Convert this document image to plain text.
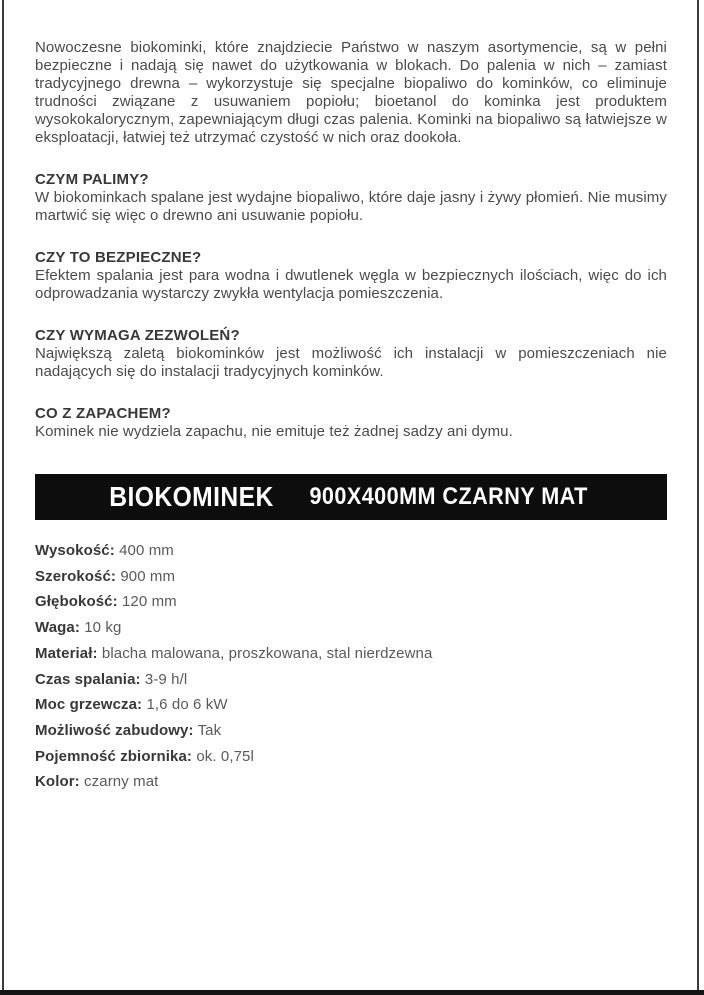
Nowoczesne biokominki, które znajdziecie Państwo w naszym asortymencie, są w pełni bezpieczne i nadają się nawet do użytkowania w blokach. Do palenia w nich – zamiast tradycyjnego drewna – wykorzystuje się specjalne biopaliwo do kominków, co eliminuje trudności związane z usuwaniem popiołu; bioetanol do kominka jest produktem wysokokalorycznym, zapewniającym długi czas palenia. Kominki na biopaliwo są łatwiejsze w eksploatacji, łatwiej też utrzymać czystość w nich oraz dookoła.

CZYM PALIMY?

W biokominkach spalane jest wydajne biopaliwo, które daje jasny i żywy płomień. Nie musimy martwić się więc o drewno ani usuwanie popiołu.

CZY TO BEZPIECZNE?

Efektem spalania jest para wodna i dwutlenek węgla w bezpiecznych ilościach, więc do ich odprowadzania wystarczy zwykła wentylacja pomieszczenia.

CZY WYMAGA ZEZWOLEŃ?

Największą zaletą biokominków jest możliwość ich instalacji w pomieszczeniach nie nadających się do instalacji tradycyjnych kominków.

CO Z ZAPACHEM?

Kominek nie wydziela zapachu, nie emituje też żadnej sadzy ani dymu.

BIOKOMINEK 900X400MM CZARNY MAT
Wysokość: 400 mm
Szerokość: 900 mm
Głębokość: 120 mm
Waga: 10 kg
Materiał: blacha malowana, proszkowana, stal nierdzewna
Czas spalania: 3-9 h/l
Moc grzewcza: 1,6 do 6 kW
Możliwość zabudowy: Tak
Pojemność zbiornika: ok. 0,75l
Kolor: czarny mat
